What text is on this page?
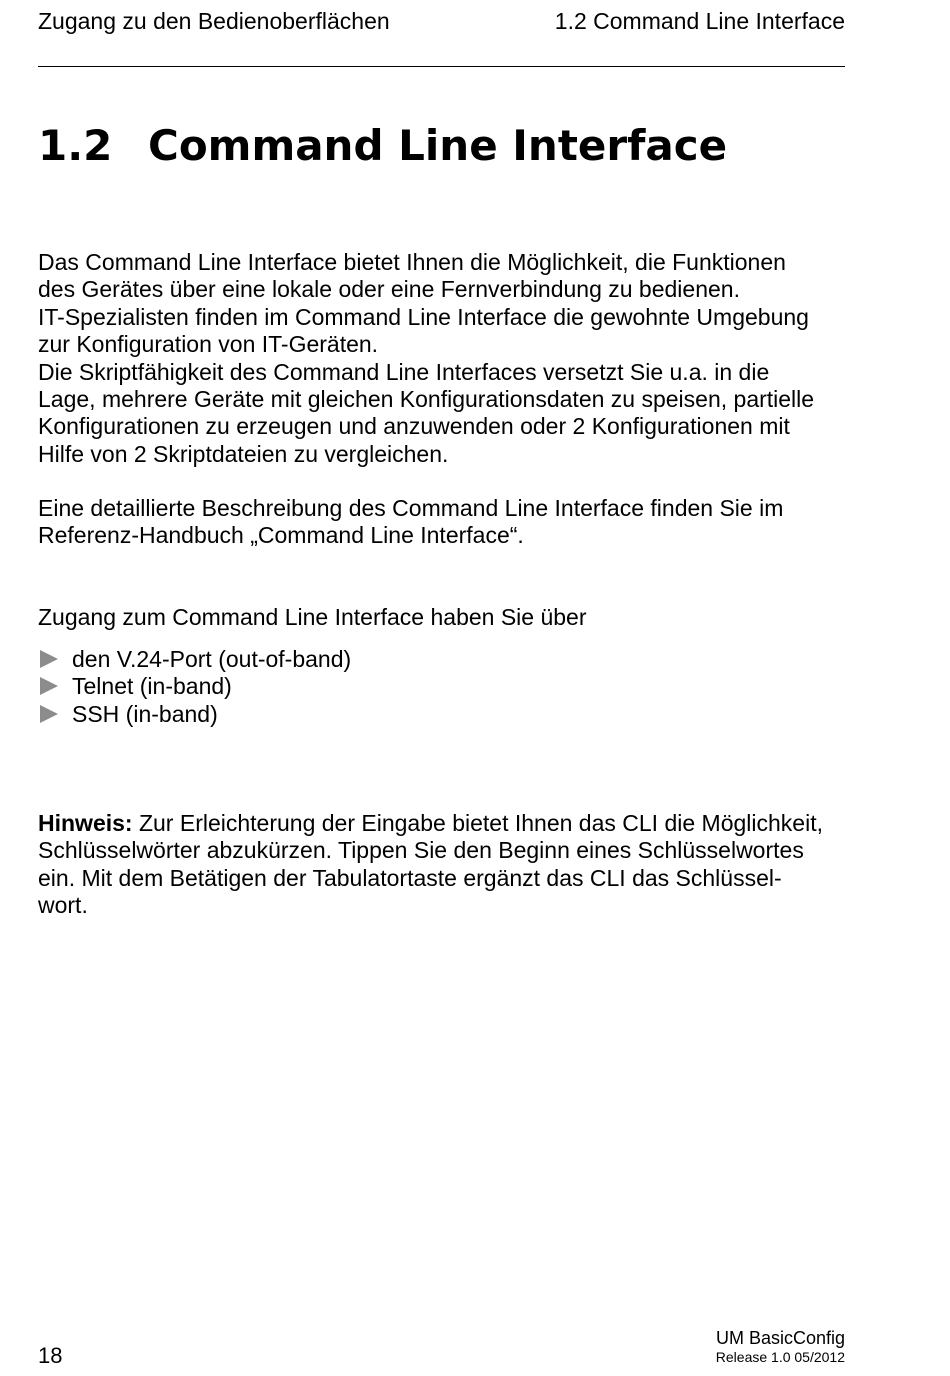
Zugang zu den Bedienoberflächen	1.2 Command Line Interface
1.2 Command Line Interface
Das Command Line Interface bietet Ihnen die Möglichkeit, die Funktionen
des Gerätes über eine lokale oder eine Fernverbindung zu bedienen.
IT-Spezialisten finden im Command Line Interface die gewohnte Umgebung
zur Konfiguration von IT-Geräten.
Die Skriptfähigkeit des Command Line Interfaces versetzt Sie u.a. in die
Lage, mehrere Geräte mit gleichen Konfigurationsdaten zu speisen, partielle
Konfigurationen zu erzeugen und anzuwenden oder 2 Konfigurationen mit
Hilfe von 2 Skriptdateien zu vergleichen.
Eine detaillierte Beschreibung des Command Line Interface finden Sie im
Referenz-Handbuch „Command Line Interface“.
Zugang zum Command Line Interface haben Sie über
den V.24-Port (out-of-band)
Telnet (in-band)
SSH (in-band)
Hinweis: Zur Erleichterung der Eingabe bietet Ihnen das CLI die Möglichkeit,
Schlüsselwörter abzukürzen. Tippen Sie den Beginn eines Schlüsselwortes
ein. Mit dem Betätigen der Tabulatortaste ergänzt das CLI das Schlüssel-
wort.
18
UM BasicConfig
Release 1.0 05/2012
